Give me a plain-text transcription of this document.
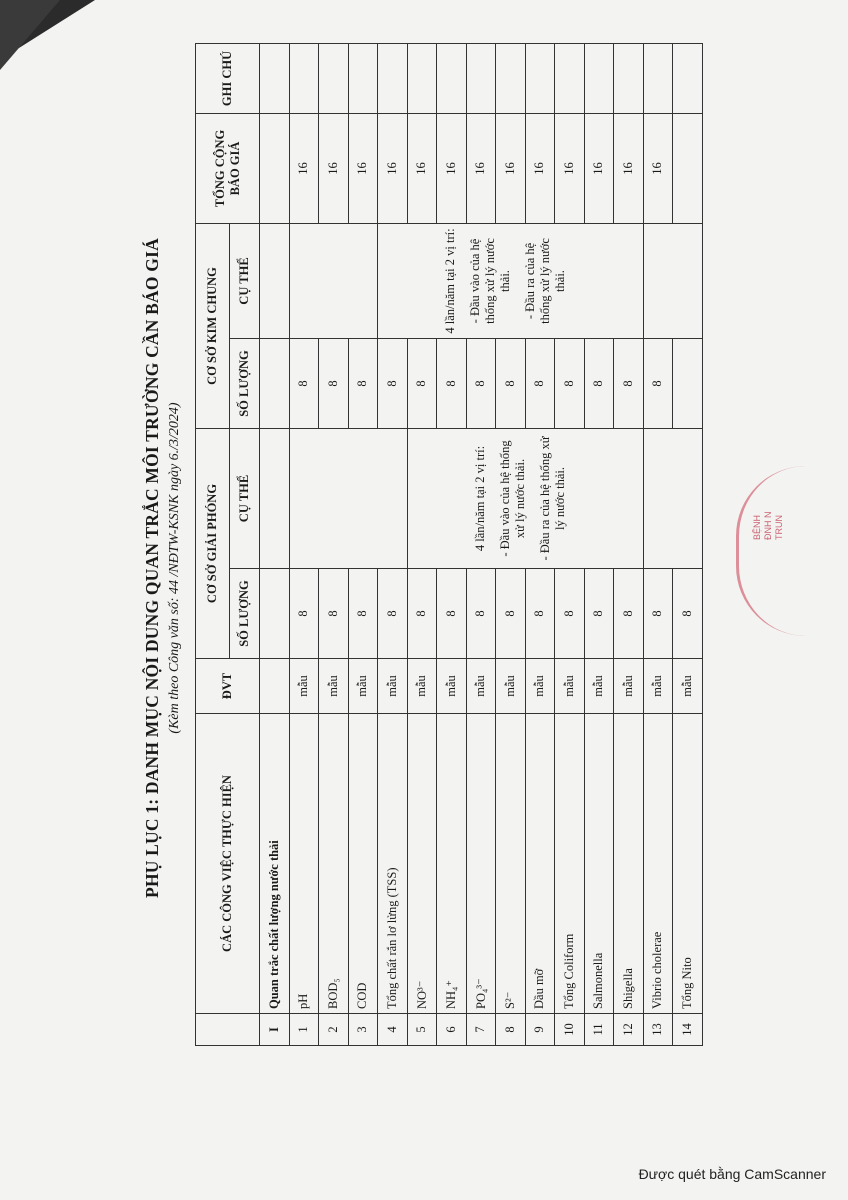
PHỤ LỤC 1: DANH MỤC NỘI DUNG QUAN TRẮC MÔI TRƯỜNG CẦN BÁO GIÁ (Kèm theo Công văn số: 44 /NĐTW-KSNK ngày 6./3/2024)
	CÁC CÔNG VIỆC THỰC HIỆN	ĐVT	CƠ SỞ GIẢI PHÓNG		CƠ SỞ KIM CHUNG		TỔNG CỘNG BÁO GIÁ	GHI CHÚ
			SỐ LƯỢNG	CỤ THỂ	SỐ LƯỢNG	CỤ THỂ		
I	Quan trắc chất lượng nước thải							
1	pH	mẫu	8		8		16	
2	BOD₅	mẫu	8		8		16	
3	COD	mẫu	8		8		16	
4	Tổng chất rắn lơ lửng (TSS)	mẫu	8		8	4 lần/năm tại 2 vị trí: - Đầu vào của hệ thống xử lý nước thải. - Đầu ra của hệ thống xử lý nước thải.	16	
5	NO³⁻	mẫu	8	4 lần/năm tại 2 vị trí: - Đầu vào của hệ thống xử lý nước thải. - Đầu ra của hệ thống xử lý nước thải.	8		16	
6	NH₄⁺	mẫu	8		8		16	
7	PO₄³⁻	mẫu	8		8		16	
8	S²⁻	mẫu	8		8		16	
9	Dầu mỡ	mẫu	8		8		16	
10	Tổng Coliform	mẫu	8		8		16	
11	Salmonella	mẫu	8		8		16	
12	Shigella	mẫu	8		8		16	
13	Vibrio cholerae	mẫu	8		8		16	
14	Tổng Nito	mẫu	8					
BỆNH ĐNH N TRUN
Được quét bằng CamScanner
